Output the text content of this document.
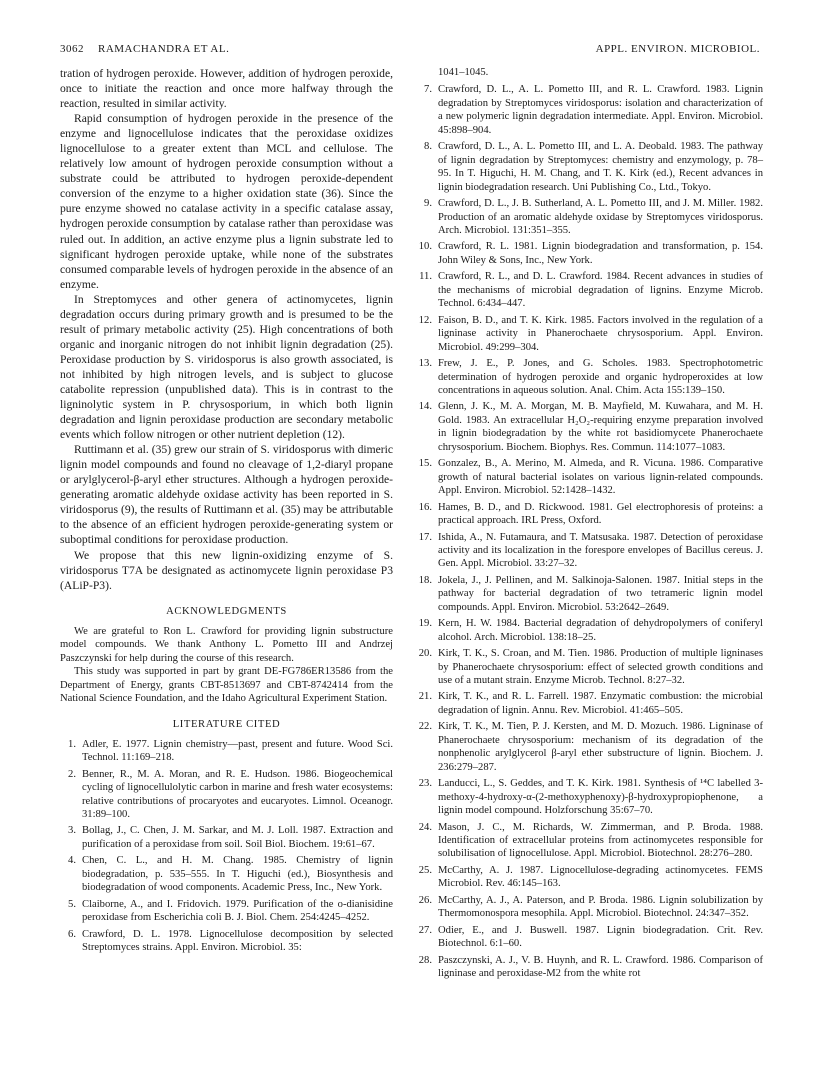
3062 RAMACHANDRA ET AL.	APPL. ENVIRON. MICROBIOL.

tration of hydrogen peroxide. However, addition of hydrogen peroxide, once to initiate the reaction and once more halfway through the reaction, resulted in similar activity.

Rapid consumption of hydrogen peroxide in the presence of the enzyme and lignocellulose indicates that the peroxidase oxidizes lignocellulose to a greater extent than MCL and cellulose. The relatively low amount of hydrogen peroxide consumption without a substrate could be attributed to hydrogen peroxide-dependent conversion of the enzyme to a higher oxidation state (36). Since the pure enzyme showed no catalase activity in a specific catalase assay, hydrogen peroxide consumption by catalase rather than peroxidase was ruled out. In addition, an active enzyme plus a lignin substrate led to significant hydrogen peroxide uptake, while none of the substrates consumed comparable levels of hydrogen peroxide in the absence of an enzyme.

In Streptomyces and other genera of actinomycetes, lignin degradation occurs during primary growth and is presumed to be the result of primary metabolic activity (25). High concentrations of both organic and inorganic nitrogen do not inhibit lignin degradation (25). Peroxidase production by S. viridosporus is also growth associated, is not inhibited by high nitrogen levels, and is subject to glucose catabolite repression (unpublished data). This is in contrast to the ligninolytic system in P. chrysosporium, in which both lignin degradation and lignin peroxidase production are secondary metabolic events which follow nitrogen or other nutrient depletion (12).

Ruttimann et al. (35) grew our strain of S. viridosporus with dimeric lignin model compounds and found no cleavage of 1,2-diaryl propane or arylglycerol-β-aryl ether structures. Although a hydrogen peroxide-generating aromatic aldehyde oxidase activity has been reported in S. viridosporus (9), the results of Ruttimann et al. (35) may be attributable to the absence of an efficient hydrogen peroxide-generating system or suboptimal conditions for peroxidase production.

We propose that this new lignin-oxidizing enzyme of S. viridosporus T7A be designated as actinomycete lignin peroxidase P3 (ALiP-P3).

ACKNOWLEDGMENTS

We are grateful to Ron L. Crawford for providing lignin substructure model compounds. We thank Anthony L. Pometto III and Andrzej Paszczynski for help during the course of this research.

This study was supported in part by grant DE-FG786ER13586 from the Department of Energy, grants CBT-8513697 and CBT-8742414 from the National Science Foundation, and the Idaho Agricultural Experiment Station.

LITERATURE CITED
1. Adler, E. 1977. Lignin chemistry—past, present and future. Wood Sci. Technol. 11:169–218.
2. Benner, R., M. A. Moran, and R. E. Hudson. 1986. Biogeochemical cycling of lignocellulolytic carbon in marine and fresh water ecosystems: relative contributions of procaryotes and eucaryotes. Limnol. Oceanogr. 31:89–100.
3. Bollag, J., C. Chen, J. M. Sarkar, and M. J. Loll. 1987. Extraction and purification of a peroxidase from soil. Soil Biol. Biochem. 19:61–67.
4. Chen, C. L., and H. M. Chang. 1985. Chemistry of lignin biodegradation, p. 535–555. In T. Higuchi (ed.), Biosynthesis and biodegradation of wood components. Academic Press, Inc., New York.
5. Claiborne, A., and I. Fridovich. 1979. Purification of the o-dianisidine peroxidase from Escherichia coli B. J. Biol. Chem. 254:4245–4252.
6. Crawford, D. L. 1978. Lignocellulose decomposition by selected Streptomyces strains. Appl. Environ. Microbiol. 35:
1041–1045.
7. Crawford, D. L., A. L. Pometto III, and R. L. Crawford. 1983. Lignin degradation by Streptomyces viridosporus: isolation and characterization of a new polymeric lignin degradation intermediate. Appl. Environ. Microbiol. 45:898–904.
8. Crawford, D. L., A. L. Pometto III, and L. A. Deobald. 1983. The pathway of lignin degradation by Streptomyces: chemistry and enzymology, p. 78–95. In T. Higuchi, H. M. Chang, and T. K. Kirk (ed.), Recent advances in lignin biodegradation research. Uni Publishing Co., Ltd., Tokyo.
9. Crawford, D. L., J. B. Sutherland, A. L. Pometto III, and J. M. Miller. 1982. Production of an aromatic aldehyde oxidase by Streptomyces viridosporus. Arch. Microbiol. 131:351–355.
10. Crawford, R. L. 1981. Lignin biodegradation and transformation, p. 154. John Wiley & Sons, Inc., New York.
11. Crawford, R. L., and D. L. Crawford. 1984. Recent advances in studies of the mechanisms of microbial degradation of lignins. Enzyme Microb. Technol. 6:434–447.
12. Faison, B. D., and T. K. Kirk. 1985. Factors involved in the regulation of a ligninase activity in Phanerochaete chrysosporium. Appl. Environ. Microbiol. 49:299–304.
13. Frew, J. E., P. Jones, and G. Scholes. 1983. Spectrophotometric determination of hydrogen peroxide and organic hydroperoxides at low concentrations in aqueous solution. Anal. Chim. Acta 155:139–150.
14. Glenn, J. K., M. A. Morgan, M. B. Mayfield, M. Kuwahara, and M. H. Gold. 1983. An extracellular H₂O₂-requiring enzyme preparation involved in lignin biodegradation by the white rot basidiomycete Phanerochaete chrysosporium. Biochem. Biophys. Res. Commun. 114:1077–1083.
15. Gonzalez, B., A. Merino, M. Almeda, and R. Vicuna. 1986. Comparative growth of natural bacterial isolates on various lignin-related compounds. Appl. Environ. Microbiol. 52:1428–1432.
16. Hames, B. D., and D. Rickwood. 1981. Gel electrophoresis of proteins: a practical approach. IRL Press, Oxford.
17. Ishida, A., N. Futamaura, and T. Matsusaka. 1987. Detection of peroxidase activity and its localization in the forespore envelopes of Bacillus cereus. J. Gen. Appl. Microbiol. 33:27–32.
18. Jokela, J., J. Pellinen, and M. Salkinoja-Salonen. 1987. Initial steps in the pathway for bacterial degradation of two tetrameric lignin model compounds. Appl. Environ. Microbiol. 53:2642–2649.
19. Kern, H. W. 1984. Bacterial degradation of dehydropolymers of coniferyl alcohol. Arch. Microbiol. 138:18–25.
20. Kirk, T. K., S. Croan, and M. Tien. 1986. Production of multiple ligninases by Phanerochaete chrysosporium: effect of selected growth conditions and use of a mutant strain. Enzyme Microb. Technol. 8:27–32.
21. Kirk, T. K., and R. L. Farrell. 1987. Enzymatic combustion: the microbial degradation of lignin. Annu. Rev. Microbiol. 41:465–505.
22. Kirk, T. K., M. Tien, P. J. Kersten, and M. D. Mozuch. 1986. Ligninase of Phanerochaete chrysosporium: mechanism of its degradation of the nonphenolic arylglycerol β-aryl ether substructure of lignin. Biochem. J. 236:279–287.
23. Landucci, L., S. Geddes, and T. K. Kirk. 1981. Synthesis of ¹⁴C labelled 3-methoxy-4-hydroxy-α-(2-methoxyphenoxy)-β-hydroxypropiophenone, a lignin model compound. Holzforschung 35:67–70.
24. Mason, J. C., M. Richards, W. Zimmerman, and P. Broda. 1988. Identification of extracellular proteins from actinomycetes responsible for solubilisation of lignocellulose. Appl. Microbiol. Biotechnol. 28:276–280.
25. McCarthy, A. J. 1987. Lignocellulose-degrading actinomycetes. FEMS Microbiol. Rev. 46:145–163.
26. McCarthy, A. J., A. Paterson, and P. Broda. 1986. Lignin solubilization by Thermomonospora mesophila. Appl. Microbiol. Biotechnol. 24:347–352.
27. Odier, E., and J. Buswell. 1987. Lignin biodegradation. Crit. Rev. Biotechnol. 6:1–60.
28. Paszczynski, A. J., V. B. Huynh, and R. L. Crawford. 1986. Comparison of ligninase and peroxidase-M2 from the white rot
